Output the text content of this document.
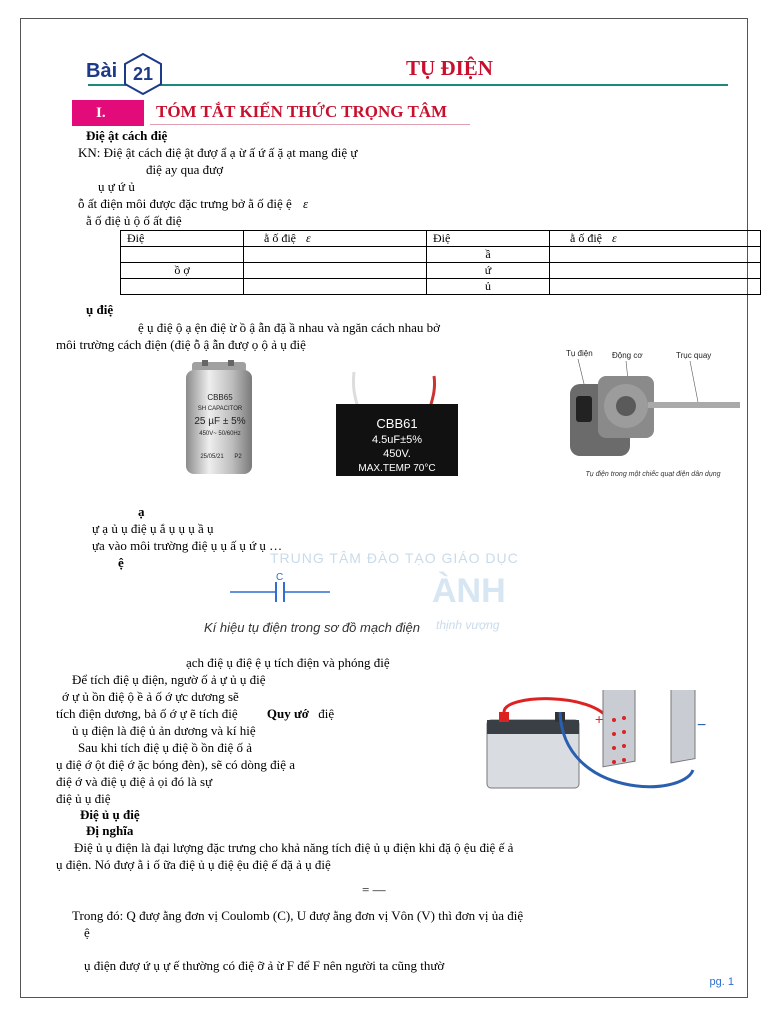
Bài 21	TỤ ĐIỆN
I.	TÓM TẮT KIẾN THỨC TRỌNG TÂM
Điệ ật cách điệ
KN: Điệ ật cách điệ ật đượ ẩ ạ ừ ấ ứ ấ ặ ạt mang điệ ự
điệ ay qua đượ
ụ ự ứ ủ
ỗ ất điện môi được đặc trưng bở ằ ố điệ ệ ε
ằ ố điệ ủ ộ ố ất điệ
Điệ	ằ ố điệ ε	Điệ	ằ ố điệ ε
		ầ	
ồ ợ		ứ	
		ủ	
ụ điệ
ệ ụ điệ ộ ạ ện điệ ừ ồ ậ ẫn đặ ầ nhau và ngăn cách nhau bở
môi trường cách điện (điệ ỗ ậ ẫn đượ ọ ộ ả ụ điệ
CBB65
SH CAPACITOR
25 µF ± 5%
450V~ 50/60Hz
P2
25/05/21
CBB61
4.5uF±5%
450V.
MAX.TEMP 70°C
Tụ điện Động cơ	Trục quay
Tụ điện trong một chiếc quạt điện dân dụng
TRUNG TÂM ĐÀO TẠO GIÁO DỤC
ÀNH
thịnh vượng
ạ
ự ạ ủ ụ điệ ụ ắ ụ ụ ụ ầ ụ
ựa vào môi trường điệ ụ ụ ấ ụ ứ ụ …
ệ
C
Kí hiệu tụ điện trong sơ đồ mạch điện
ạch điệ ụ điệ ệ ụ tích điện và phóng điệ
Để tích điệ ụ điện, ngườ ố ả ự ủ ụ điệ
ớ ự ủ ồn điệ ộ ề ả ố ớ ực dương sẽ
tích điện dương, bả ố ớ ự ẽ tích điệ Quy ướ điệ
ủ ụ điện là điệ ủ ản dương và kí hiệ
Sau khi tích điệ ụ điệ ồ ồn điệ ố ả
ụ điệ ớ ột điệ ớ ặc bóng đèn), sẽ có dòng điệ a
điệ ớ và điệ ụ điệ ả ọi đó là sự
điệ ủ ụ điệ
+	−
Điệ ủ ụ điệ
Đị nghĩa
Điệ ủ ụ điện là đại lượng đặc trưng cho khả năng tích điệ ủ ụ điện khi đặ ộ ệu điệ ế ả
ụ điện. Nó đượ ằ i ố ữa điệ ủ ụ điệ ệu điệ ế đặ ả ụ điệ
= —
Trong đó: Q đượ ằng đơn vị Coulomb (C), U đượ ằng đơn vị Vôn (V) thì đơn vị ủa điệ
ệ
ụ điện đượ ứ ụ ự ế thường có điệ ỡ ả ừ F để F nên người ta cũng thườ
pg. 1
